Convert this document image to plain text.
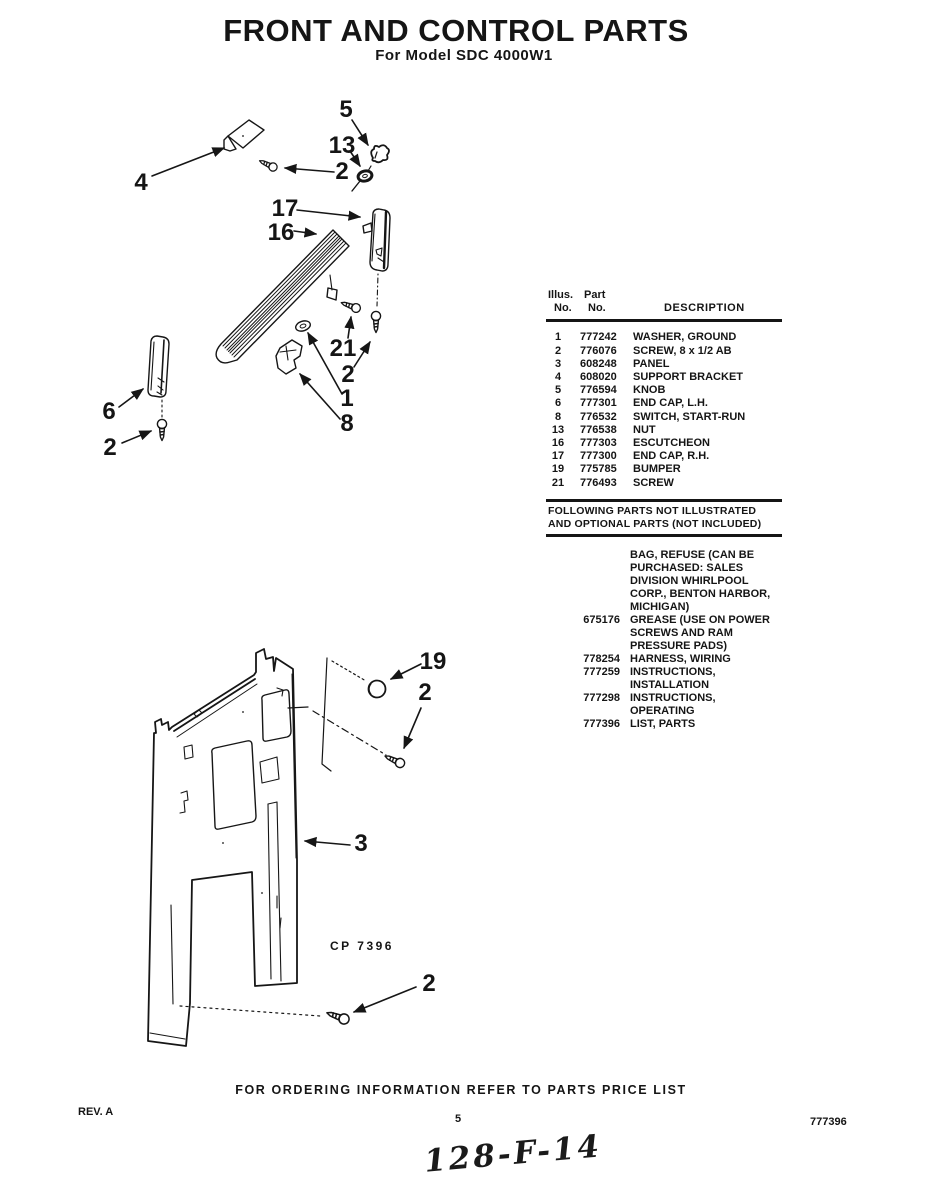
FRONT AND CONTROL PARTS
For Model SDC 4000W1
4
5
13
2
17
16
21
2
1
8
6
2
19
2
3
2
CP 7396
Illus. Part
No. No.	DESCRIPTION
1	777242	WASHER, GROUND
2	776076	SCREW, 8 x 1/2 AB
3	608248	PANEL
4	608020	SUPPORT BRACKET
5	776594	KNOB
6	777301	END CAP, L.H.
8	776532	SWITCH, START-RUN
13	776538	NUT
16	777303	ESCUTCHEON
17	777300	END CAP, R.H.
19	775785	BUMPER
21	776493	SCREW
FOLLOWING PARTS NOT ILLUSTRATED
AND OPTIONAL PARTS (NOT INCLUDED)
BAG, REFUSE (CAN BE PURCHASED: SALES DIVISION WHIRLPOOL CORP., BENTON HARBOR, MICHIGAN)
675176 GREASE (USE ON POWER SCREWS AND RAM PRESSURE PADS)
778254 HARNESS, WIRING
777259 INSTRUCTIONS, INSTALLATION
777298 INSTRUCTIONS, OPERATING
777396 LIST, PARTS
FOR ORDERING INFORMATION REFER TO PARTS PRICE LIST
REV. A
5	777396
128-F-14
